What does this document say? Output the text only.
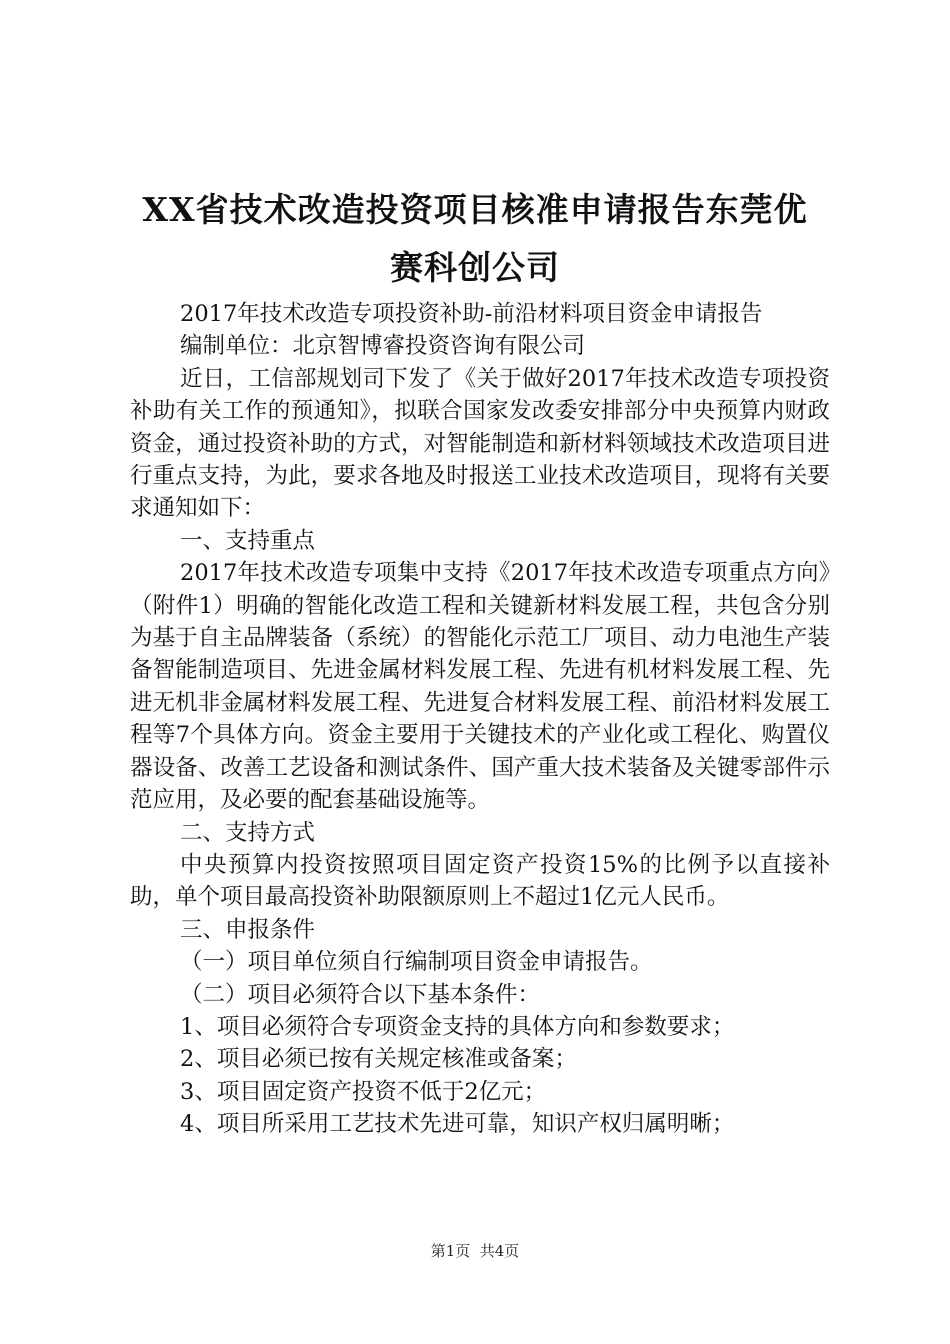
XX省技术改造投资项目核准申请报告东莞优
赛科创公司

2017年技术改造专项投资补助-前沿材料项目资金申请报告

编制单位：北京智博睿投资咨询有限公司

近日，工信部规划司下发了《关于做好2017年技术改造专项投资补助有关工作的预通知》，拟联合国家发改委安排部分中央预算内财政资金，通过投资补助的方式，对智能制造和新材料领域技术改造项目进行重点支持，为此，要求各地及时报送工业技术改造项目，现将有关要求通知如下：

一、支持重点

2017年技术改造专项集中支持《2017年技术改造专项重点方向》（附件1）明确的智能化改造工程和关键新材料发展工程，共包含分别为基于自主品牌装备（系统）的智能化示范工厂项目、动力电池生产装备智能制造项目、先进金属材料发展工程、先进有机材料发展工程、先进无机非金属材料发展工程、先进复合材料发展工程、前沿材料发展工程等7个具体方向。资金主要用于关键技术的产业化或工程化、购置仪器设备、改善工艺设备和测试条件、国产重大技术装备及关键零部件示范应用，及必要的配套基础设施等。

二、支持方式

中央预算内投资按照项目固定资产投资15%的比例予以直接补助，单个项目最高投资补助限额原则上不超过1亿元人民币。

三、申报条件

（一）项目单位须自行编制项目资金申请报告。

（二）项目必须符合以下基本条件：

1、项目必须符合专项资金支持的具体方向和参数要求；

2、项目必须已按有关规定核准或备案；

3、项目固定资产投资不低于2亿元；

4、项目所采用工艺技术先进可靠，知识产权归属明晰；

第1页  共4页
